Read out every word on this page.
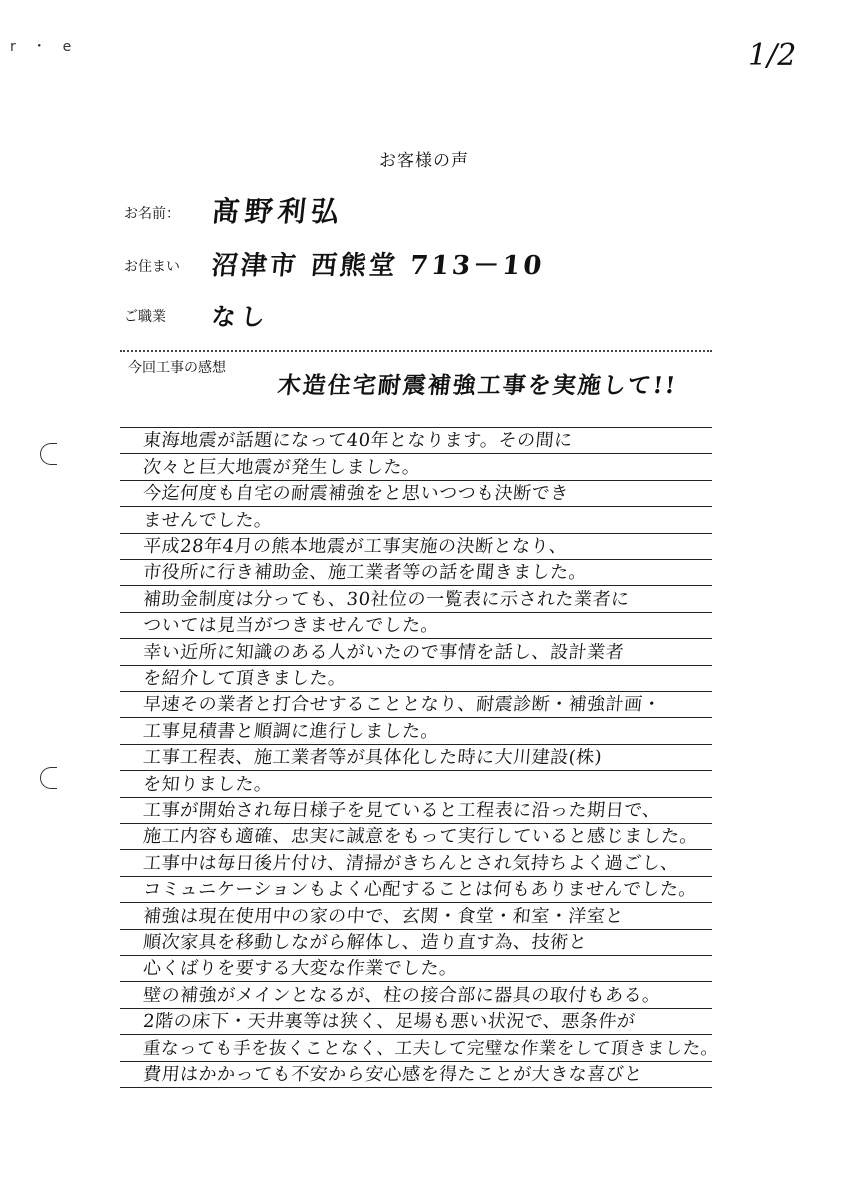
r ・ e	1/2
お客様の声
お名前： 髙野利弘
お住まい 沼津市 西熊堂 713－10
ご職業 なし
今回工事の感想
木造住宅耐震補強工事を実施して!!
東海地震が話題になって40年となります。その間に
次々と巨大地震が発生しました。
今迄何度も自宅の耐震補強をと思いつつも決断でき
ませんでした。
平成28年4月の熊本地震が工事実施の決断となり、
市役所に行き補助金、施工業者等の話を聞きました。
補助金制度は分っても、30社位の一覧表に示された業者に
ついては見当がつきませんでした。
幸い近所に知識のある人がいたので事情を話し、設計業者
を紹介して頂きました。
早速その業者と打合せすることとなり、耐震診断・補強計画・
工事見積書と順調に進行しました。
工事工程表、施工業者等が具体化した時に大川建設(株)
を知りました。
工事が開始され毎日様子を見ていると工程表に沿った期日で、
施工内容も適確、忠実に誠意をもって実行していると感じました。
工事中は毎日後片付け、清掃がきちんとされ気持ちよく過ごし、
コミュニケーションもよく心配することは何もありませんでした。
補強は現在使用中の家の中で、玄関・食堂・和室・洋室と
順次家具を移動しながら解体し、造り直す為、技術と
心くばりを要する大変な作業でした。
壁の補強がメインとなるが、柱の接合部に器具の取付もある。
2階の床下・天井裏等は狭く、足場も悪い状況で、悪条件が
重なっても手を抜くことなく、工夫して完璧な作業をして頂きました。
費用はかかっても不安から安心感を得たことが大きな喜びと
